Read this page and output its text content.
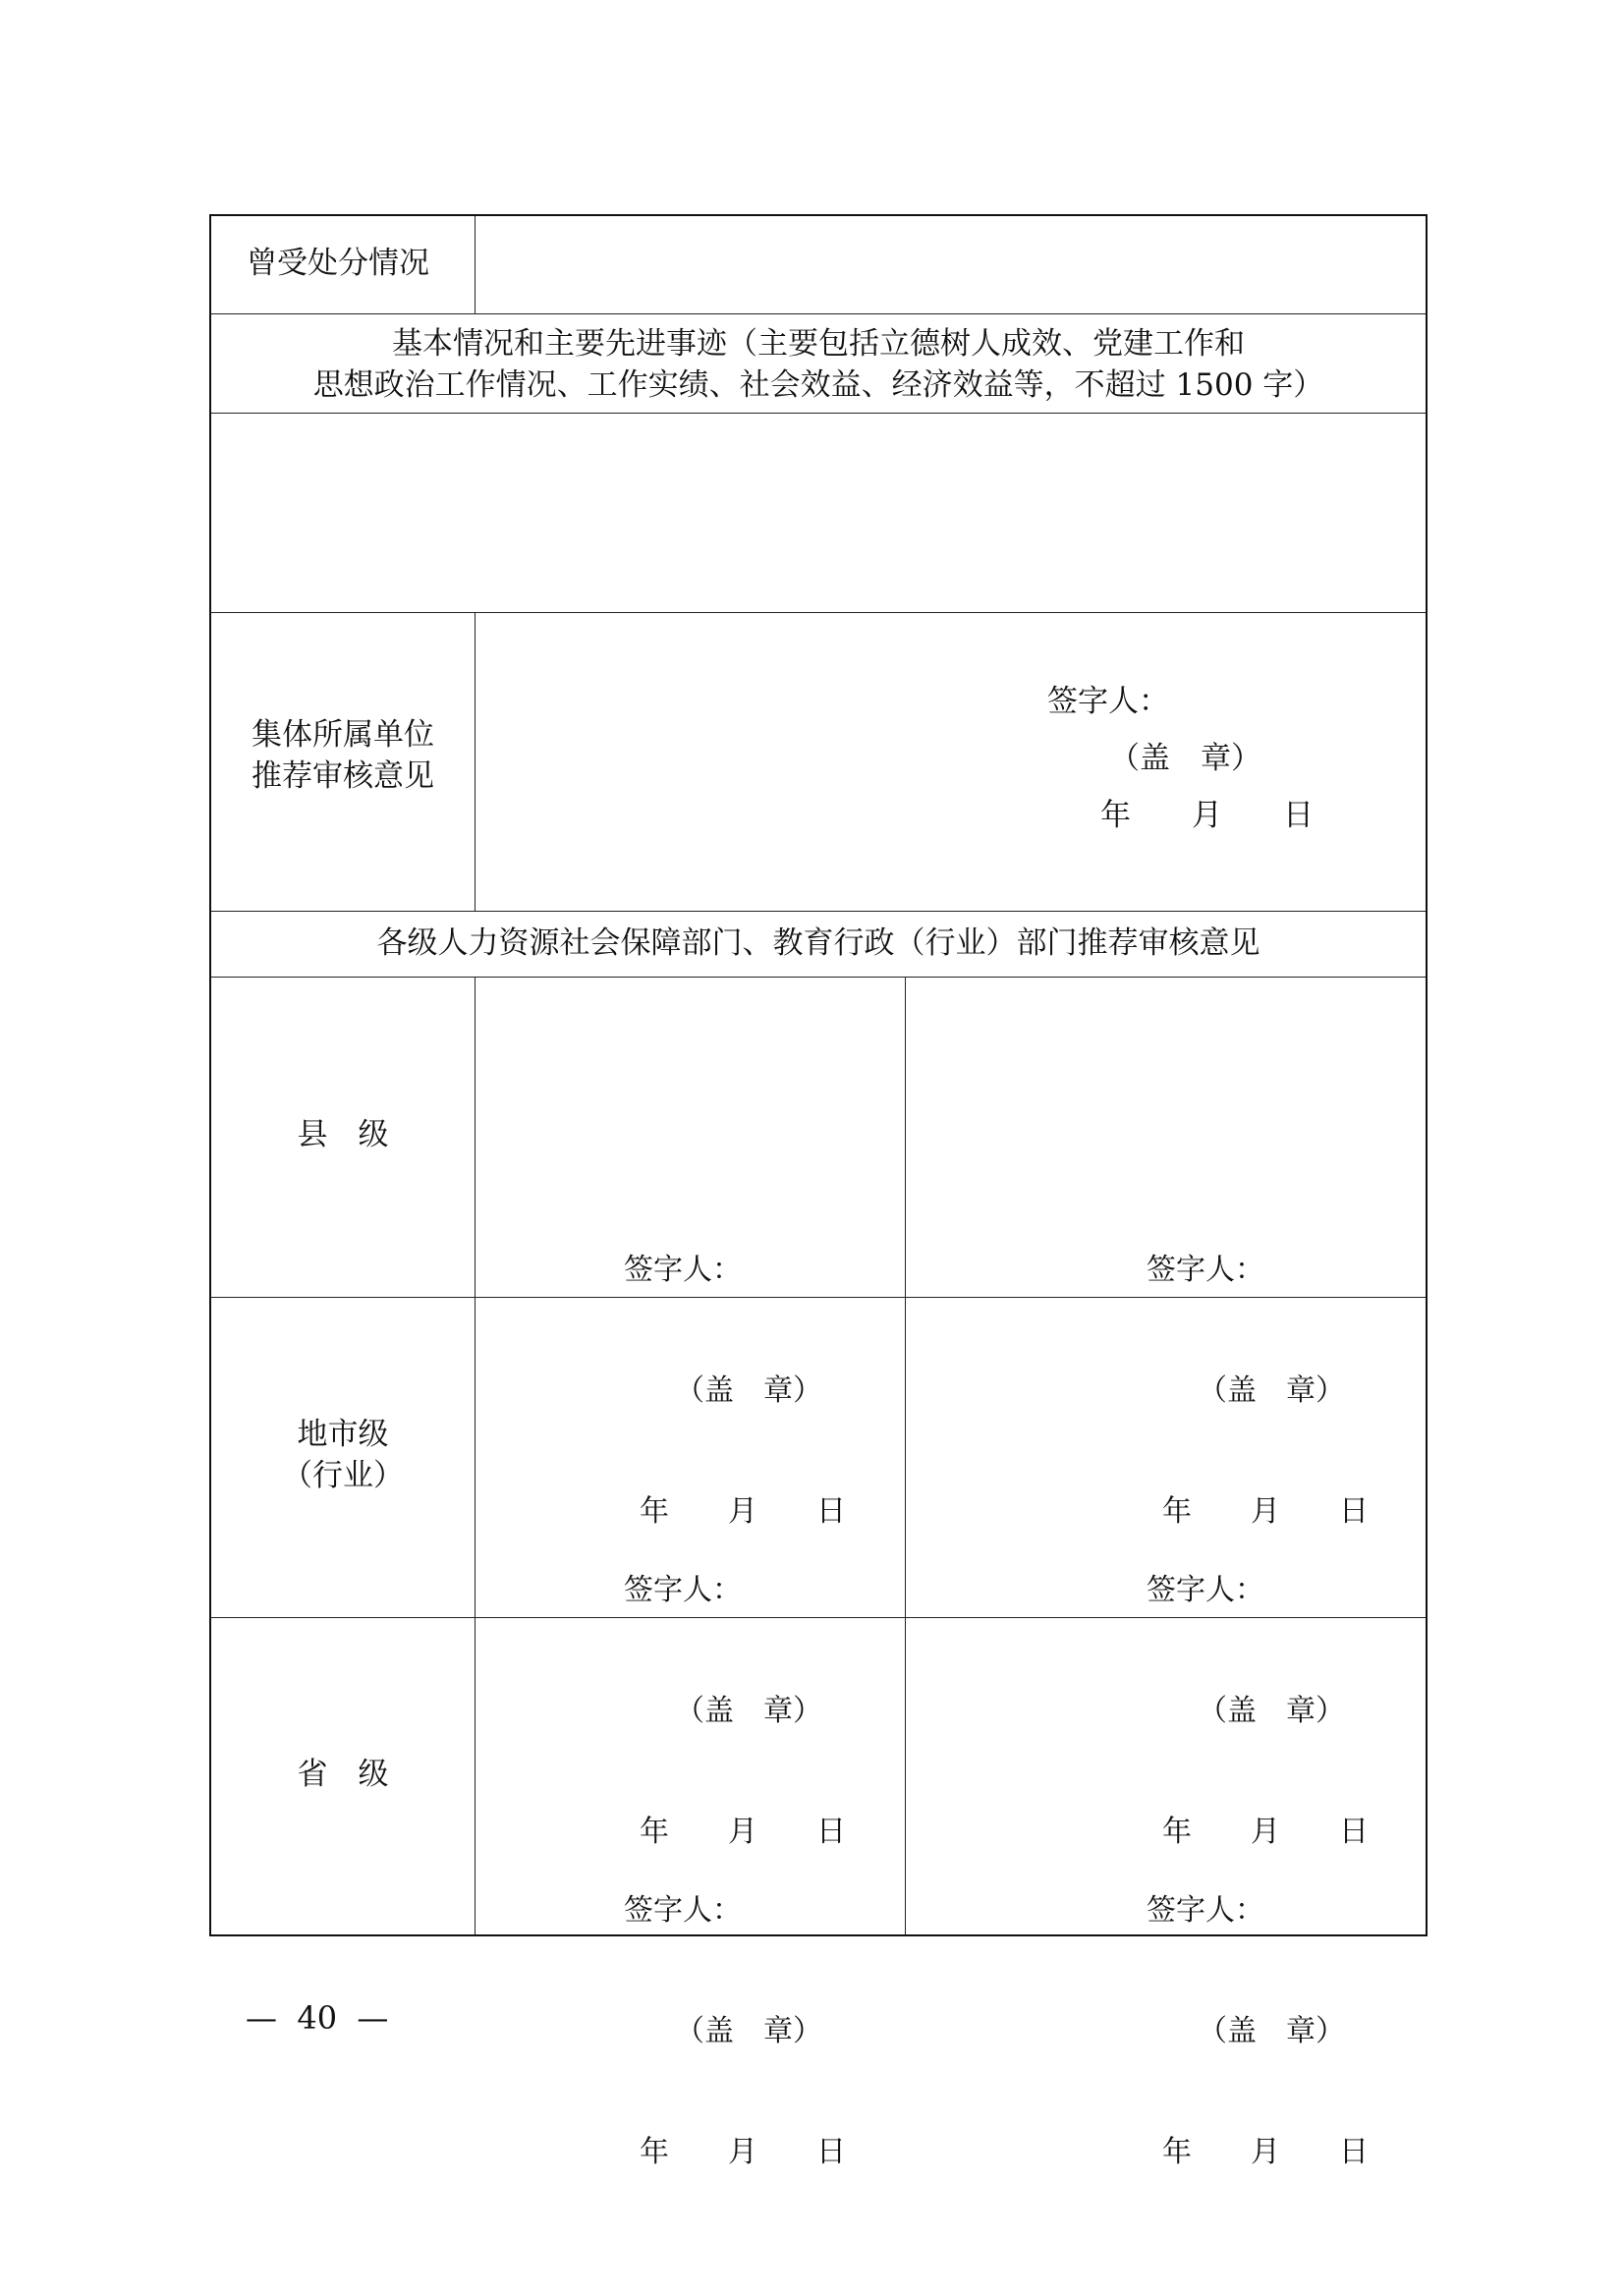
曾受处分情况
基本情况和主要先进事迹（主要包括立德树人成效、党建工作和
思想政治工作情况、工作实绩、社会效益、经济效益等，不超过 1500 字）
集体所属单位
推荐审核意见
签字人：
（盖　章）
年　　月　　日
各级人力资源社会保障部门、教育行政（行业）部门推荐审核意见
县　级
地市级
（行业）
省　级

签字人：

（盖　章）

年　　月　　日

签字人：

（盖　章）

年　　月　　日

签字人：

（盖　章）

年　　月　　日

签字人：

（盖　章）

年　　月　　日

签字人：

（盖　章）

年　　月　　日

签字人：

（盖　章）

年　　月　　日

—  40  —
